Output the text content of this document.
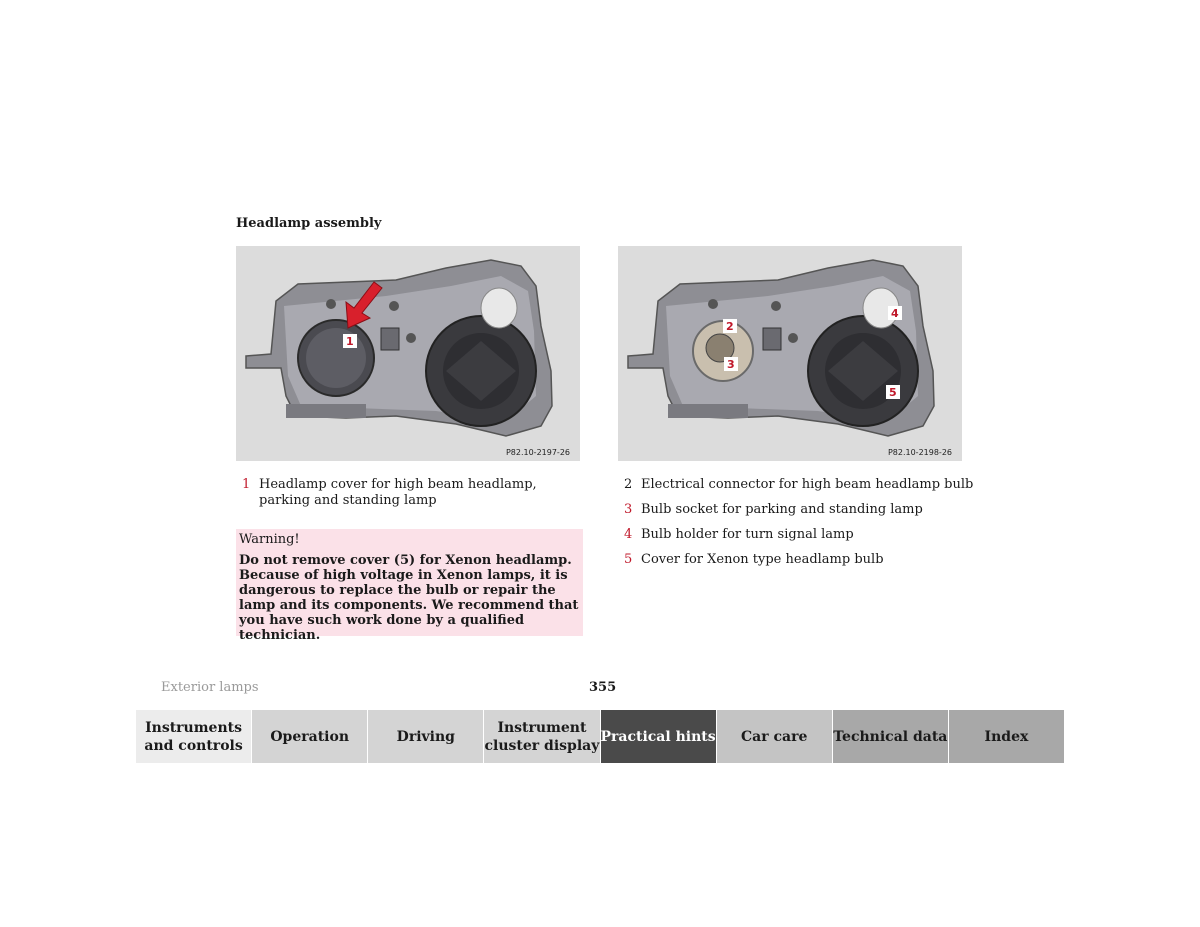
Headlamp assembly
1
P82.10-2197-26
2
3
4
5
P82.10-2198-26
1 Headlamp cover for high beam headlamp, parking and standing lamp
Warning!
Do not remove cover (5) for Xenon headlamp. Because of high voltage in Xenon lamps, it is dangerous to replace the bulb or repair the lamp and its components. We recommend that you have such work done by a qualified technician.
2 Electrical connector for high beam headlamp bulb
3 Bulb socket for parking and standing lamp
4 Bulb holder for turn signal lamp
5 Cover for Xenon type headlamp bulb
Exterior lamps	355
Instruments and controls
Operation	Driving
Instrument cluster display
Practical hints	Car care	Technical data	Index
